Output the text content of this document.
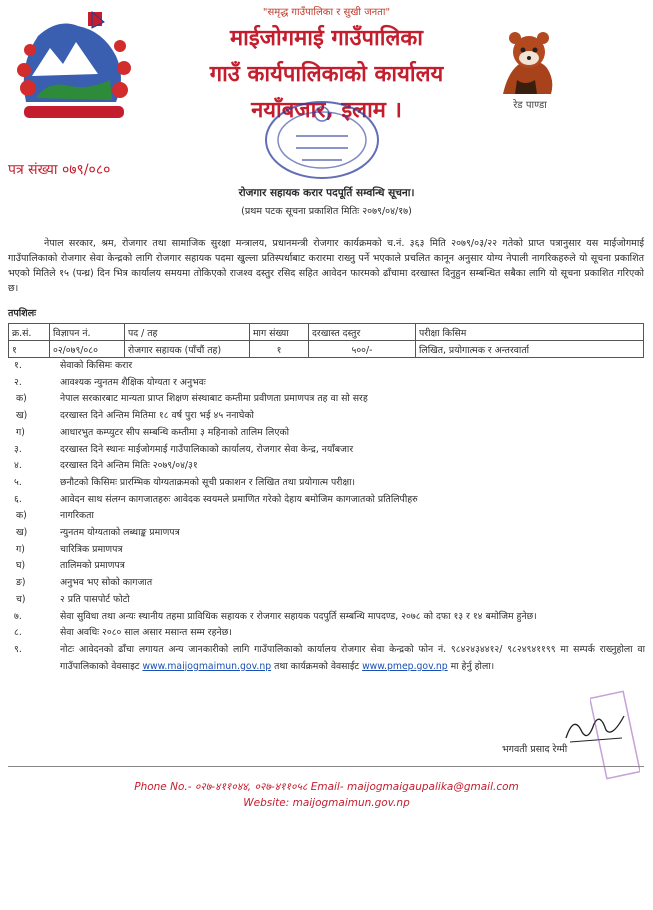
"समृद्ध गाउँपालिका र सुखी जनता"
माईजोगमाई गाउँपालिका
गाउँ कार्यपालिकाको कार्यालय
नयाँबजार, इलाम ।	रेड पाण्डा
पत्र संख्या ०७९/०८०
रोजगार सहायक करार पदपूर्ति सम्वन्धि सूचना।
(प्रथम पटक सूचना प्रकाशित मितिः २०७९/०४/१७)
नेपाल सरकार, श्रम, रोजगार तथा सामाजिक सुरक्षा मन्त्रालय, प्रधानमन्त्री रोजगार कार्यक्रमको च.नं. ३६३ मिति २०७९/०३/२२ गतेको प्राप्त पत्रानुसार यस माईजोगमाई गाउँपालिकाको रोजगार सेवा केन्द्रको लागि रोजगार सहायक पदमा खुल्ला प्रतिस्पर्धाबाट करारमा राख्नु पर्ने भएकाले प्रचलित कानून अनुसार योग्य नेपाली नागरिकहरुले यो सूचना प्रकाशित भएको मितिले १५ (पन्ध्र) दिन भित्र कार्यालय समयमा तोकिएको राजश्व दस्तुर रसिद सहित आवेदन फारमको ढाँचामा दरखास्त दिनुहुन सम्बन्धित सबैका लागि यो सूचना प्रकाशित गरिएको छ।
तपशिलः
क्र.सं.	विज्ञापन नं.	पद / तह	माग संख्या	दरखास्त दस्तुर	परीक्षा किसिम
१	०२/०७९/०८०	रोजगार सहायक (पाँचौं तह)	१	५००/-	लिखित, प्रयोगात्मक र अन्तरवार्ता
१.	सेवाको किसिमः करार
२.	आवश्यक न्युनतम शैक्षिक योग्यता र अनुभवः
क)	नेपाल सरकारबाट मान्यता प्राप्त शिक्षण संस्थाबाट कम्तीमा प्रवीणता प्रमाणपत्र तह वा सो सरह
ख)	दरखास्त दिने अन्तिम मितिमा १८ वर्ष पुरा भई ४५ ननाघेको
ग)	आधारभुत कम्प्युटर सीप सम्बन्धि कम्तीमा ३ महिनाको तालिम लिएको
३.	दरखास्त दिने स्थानः माईजोगमाई गाउँपालिकाको कार्यालय, रोजगार सेवा केन्द्र, नयाँबजार
४.	दरखास्त दिने अन्तिम मितिः २०७९/०४/३१
५.	छनौटको किसिमः प्रारम्भिक योग्यताक्रमको सूची प्रकाशन र लिखित तथा प्रयोगात्म परीक्षा।
६.	आवेदन साथ संलग्न कागजातहरुः आवेदक स्वयमले प्रमाणित गरेको देहाय बमोजिम कागजातको प्रतिलिपीहरु
क)	नागरिकता
ख)	न्युनतम योग्यताको लब्धाङ्क प्रमाणपत्र
ग)	चारित्रिक प्रमाणपत्र
घ)	तालिमको प्रमाणपत्र
ङ)	अनुभव भए सोको कागजात
च)	२ प्रति पासपोर्ट फोटो
७.	सेवा सुविधा तथा अन्यः स्थानीय तहमा प्राविधिक सहायक र रोजगार सहायक पदपुर्ति सम्बन्धि मापदण्ड, २०७८ को दफा १३ र १४ बमोजिम हुनेछ।
८.	सेवा अवधिः २०८० साल असार मसान्त सम्म रहनेछ।
९.	नोटः आवेदनको ढाँचा लगायत अन्य जानकारीको लागि गाउँपालिकाको कार्यालय रोजगार सेवा केन्द्रको फोन नं. ९८४२४३४४१२/ ९८२४९४११९९ मा सम्पर्क राख्नुहोला वा गाउँपालिकाको वेवसाइट www.maijogmaimun.gov.np तथा कार्यक्रमको वेवसाईट www.pmep.gov.np मा हेर्नु होला।
भगवती प्रसाद रेग्मी
Phone No.- ०२७-४११०४४, ०२७-४११०५८ Email- maijogmaigaupalika@gmail.com
Website: maijogmaimun.gov.np
